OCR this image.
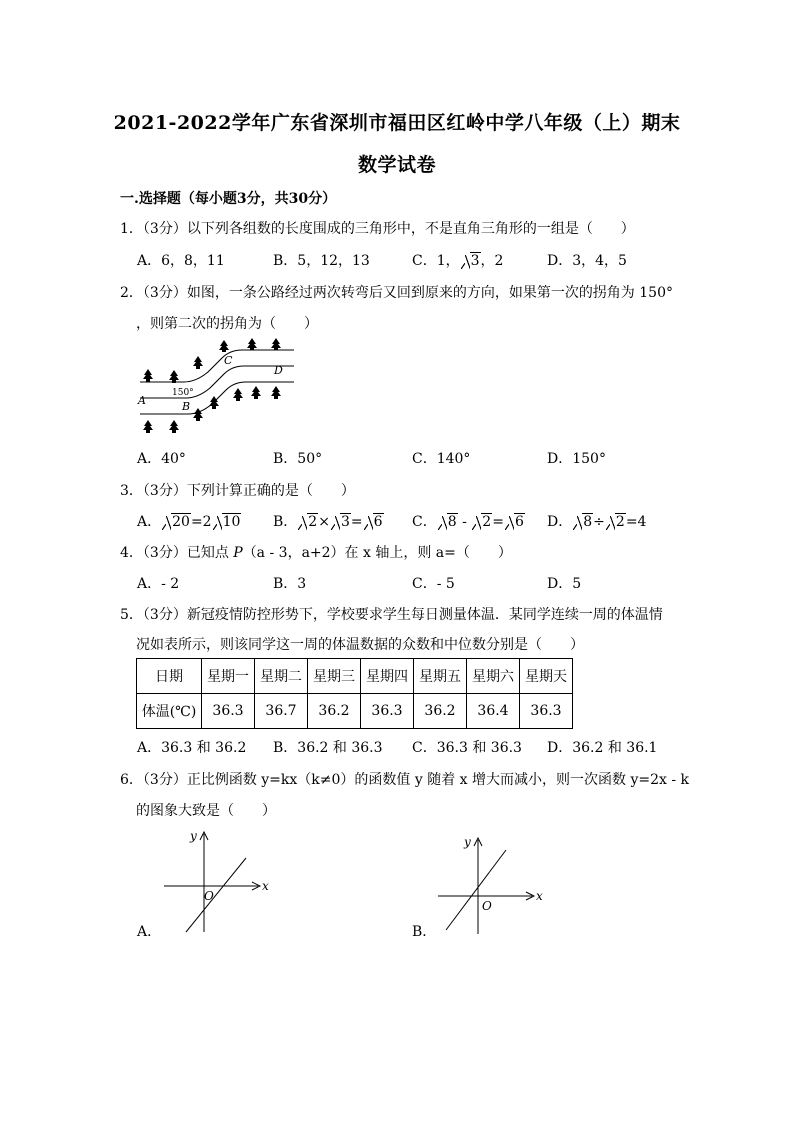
2021-2022学年广东省深圳市福田区红岭中学八年级（上）期末
数学试卷
一.选择题（每小题3分，共30分）
1．（3分）以下列各组数的长度围成的三角形中，不是直角三角形的一组是（　　）
A．6，8，11	B．5，12，13	C．1， 3，2	D．3，4，5
2．（3分）如图，一条公路经过两次转弯后又回到原来的方向，如果第一次的拐角为 150°
，则第二次的拐角为（　　）
A	B
C
D
150°
A．40°	B．50°	C．140°	D．150°
3．（3分）下列计算正确的是（　　）
A． 20=2 10 B． 2× 3= 6 C． 8 - 2= 6 D． 8÷ 2=4
4．（3分）已知点 P（a - 3，a+2）在 x 轴上，则 a=（　　）
A．- 2	B．3	C．- 5	D．5
5．（3分）新冠疫情防控形势下，学校要求学生每日测量体温．某同学连续一周的体温情
况如表所示，则该同学这一周的体温数据的众数和中位数分别是（　　）
日期	星期一	星期二	星期三	星期四	星期五	星期六	星期天
体温(℃)	36.3	36.7	36.2	36.3	36.2	36.4	36.3
A．36.3 和 36.2 B．36.2 和 36.3 C．36.3 和 36.3 D．36.2 和 36.1
6．（3分）正比例函数 y=kx（k≠0）的函数值 y 随着 x 增大而减小，则一次函数 y=2x - k
的图象大致是（　　）
A．
x
y
O
B．
x
y
O
